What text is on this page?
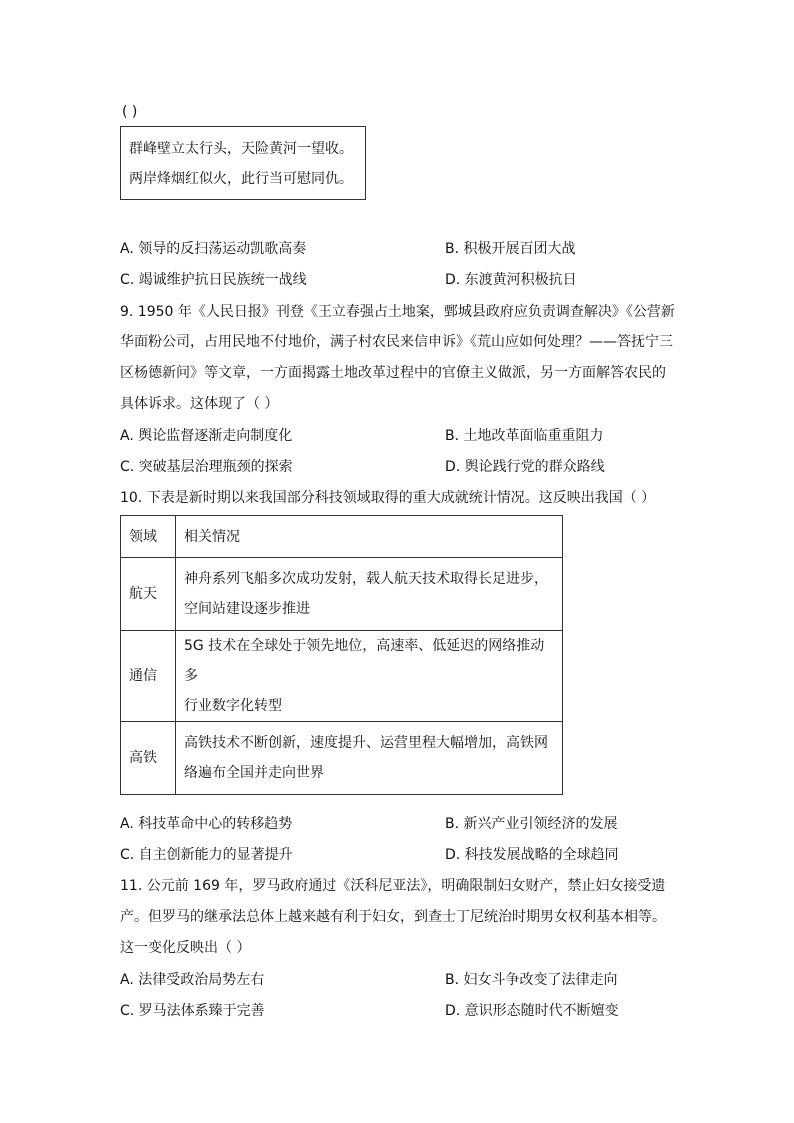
( )
群峰壁立太行头，天险黄河一望收。
两岸烽烟红似火，此行当可慰同仇。
A. 领导的反扫荡运动凯歌高奏	B. 积极开展百团大战
C. 竭诚维护抗日民族统一战线	D. 东渡黄河积极抗日
9. 1950 年《人民日报》刊登《王立春强占土地案，鄄城县政府应负责调查解决》《公营新
华面粉公司，占用民地不付地价，满子村农民来信申诉》《荒山应如何处理？——答抚宁三
区杨德新问》等文章，一方面揭露土地改革过程中的官僚主义做派，另一方面解答农民的
具体诉求。这体现了（ ）
A. 舆论监督逐渐走向制度化	B. 土地改革面临重重阻力
C. 突破基层治理瓶颈的探索	D. 舆论践行党的群众路线
10. 下表是新时期以来我国部分科技领域取得的重大成就统计情况。这反映出我国（ ）
领域	相关情况
航天	神舟系列飞船多次成功发射，载人航天技术取得长足进步，
空间站建设逐步推进

通信	5G 技术在全球处于领先地位，高速率、低延迟的网络推动多
行业数字化转型

高铁	高铁技术不断创新，速度提升、运营里程大幅增加，高铁网
络遍布全国并走向世界
A. 科技革命中心的转移趋势	B. 新兴产业引领经济的发展
C. 自主创新能力的显著提升	D. 科技发展战略的全球趋同
11. 公元前 169 年，罗马政府通过《沃科尼亚法》，明确限制妇女财产，禁止妇女接受遗
产。但罗马的继承法总体上越来越有利于妇女，到查士丁尼统治时期男女权利基本相等。
这一变化反映出（ ）
A. 法律受政治局势左右	B. 妇女斗争改变了法律走向
C. 罗马法体系臻于完善	D. 意识形态随时代不断嬗变
